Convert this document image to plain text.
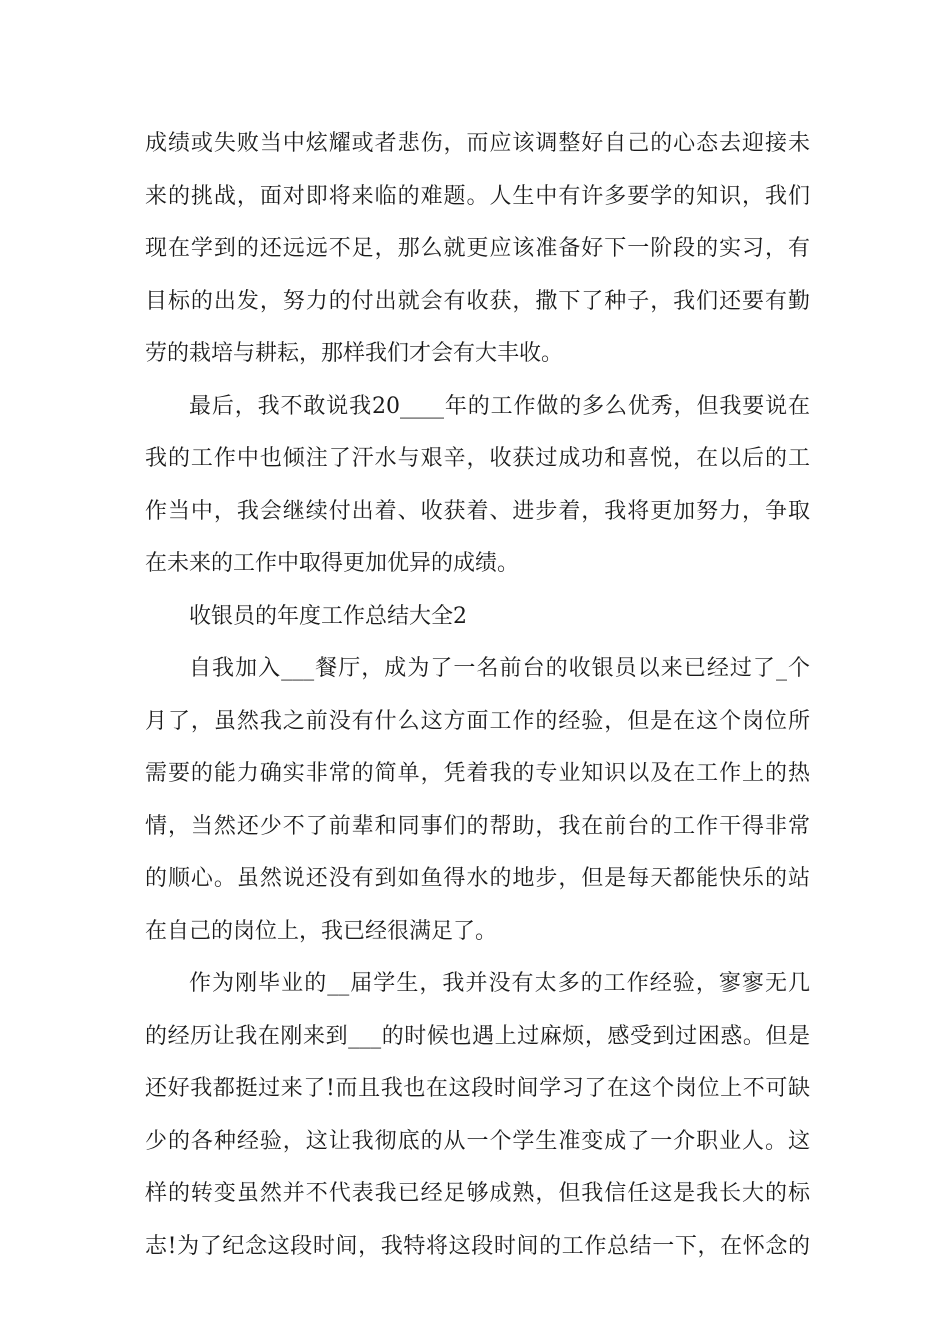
成绩或失败当中炫耀或者悲伤，而应该调整好自己的心态去迎接未
来的挑战，面对即将来临的难题。人生中有许多要学的知识，我们
现在学到的还远远不足，那么就更应该准备好下一阶段的实习，有
目标的出发，努力的付出就会有收获，撒下了种子，我们还要有勤
劳的栽培与耕耘，那样我们才会有大丰收。
最后，我不敢说我20____年的工作做的多么优秀，但我要说在
我的工作中也倾注了汗水与艰辛，收获过成功和喜悦，在以后的工
作当中，我会继续付出着、收获着、进步着，我将更加努力，争取
在未来的工作中取得更加优异的成绩。
收银员的年度工作总结大全2
自我加入___餐厅，成为了一名前台的收银员以来已经过了_个
月了，虽然我之前没有什么这方面工作的经验，但是在这个岗位所
需要的能力确实非常的简单，凭着我的专业知识以及在工作上的热
情，当然还少不了前辈和同事们的帮助，我在前台的工作干得非常
的顺心。虽然说还没有到如鱼得水的地步，但是每天都能快乐的站
在自己的岗位上，我已经很满足了。
作为刚毕业的__届学生，我并没有太多的工作经验，寥寥无几
的经历让我在刚来到___的时候也遇上过麻烦，感受到过困惑。但是
还好我都挺过来了!而且我也在这段时间学习了在这个岗位上不可缺
少的各种经验，这让我彻底的从一个学生准变成了一介职业人。这
样的转变虽然并不代表我已经足够成熟，但我信任这是我长大的标
志!为了纪念这段时间，我特将这段时间的工作总结一下，在怀念的
